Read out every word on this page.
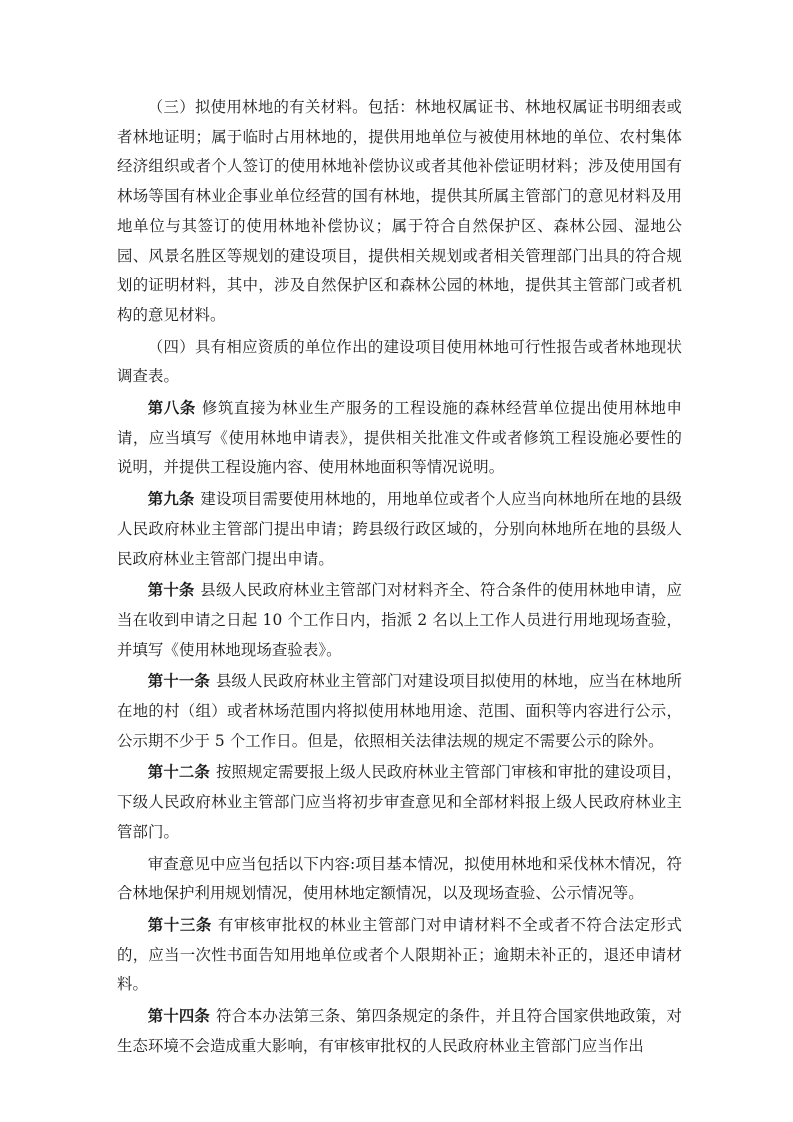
（三）拟使用林地的有关材料。包括：林地权属证书、林地权属证书明细表或者林地证明；属于临时占用林地的，提供用地单位与被使用林地的单位、农村集体经济组织或者个人签订的使用林地补偿协议或者其他补偿证明材料；涉及使用国有林场等国有林业企事业单位经营的国有林地，提供其所属主管部门的意见材料及用地单位与其签订的使用林地补偿协议；属于符合自然保护区、森林公园、湿地公园、风景名胜区等规划的建设项目，提供相关规划或者相关管理部门出具的符合规划的证明材料，其中，涉及自然保护区和森林公园的林地，提供其主管部门或者机构的意见材料。

（四）具有相应资质的单位作出的建设项目使用林地可行性报告或者林地现状调查表。

第八条 修筑直接为林业生产服务的工程设施的森林经营单位提出使用林地申请，应当填写《使用林地申请表》，提供相关批准文件或者修筑工程设施必要性的说明，并提供工程设施内容、使用林地面积等情况说明。

第九条 建设项目需要使用林地的，用地单位或者个人应当向林地所在地的县级人民政府林业主管部门提出申请；跨县级行政区域的，分别向林地所在地的县级人民政府林业主管部门提出申请。

第十条 县级人民政府林业主管部门对材料齐全、符合条件的使用林地申请，应当在收到申请之日起 10 个工作日内，指派 2 名以上工作人员进行用地现场查验，并填写《使用林地现场查验表》。

第十一条 县级人民政府林业主管部门对建设项目拟使用的林地，应当在林地所在地的村（组）或者林场范围内将拟使用林地用途、范围、面积等内容进行公示，公示期不少于 5 个工作日。但是，依照相关法律法规的规定不需要公示的除外。

第十二条 按照规定需要报上级人民政府林业主管部门审核和审批的建设项目，下级人民政府林业主管部门应当将初步审查意见和全部材料报上级人民政府林业主管部门。

审查意见中应当包括以下内容:项目基本情况，拟使用林地和采伐林木情况，符合林地保护利用规划情况，使用林地定额情况，以及现场查验、公示情况等。

第十三条 有审核审批权的林业主管部门对申请材料不全或者不符合法定形式的，应当一次性书面告知用地单位或者个人限期补正；逾期未补正的，退还申请材料。

第十四条 符合本办法第三条、第四条规定的条件，并且符合国家供地政策，对生态环境不会造成重大影响，有审核审批权的人民政府林业主管部门应当作出
